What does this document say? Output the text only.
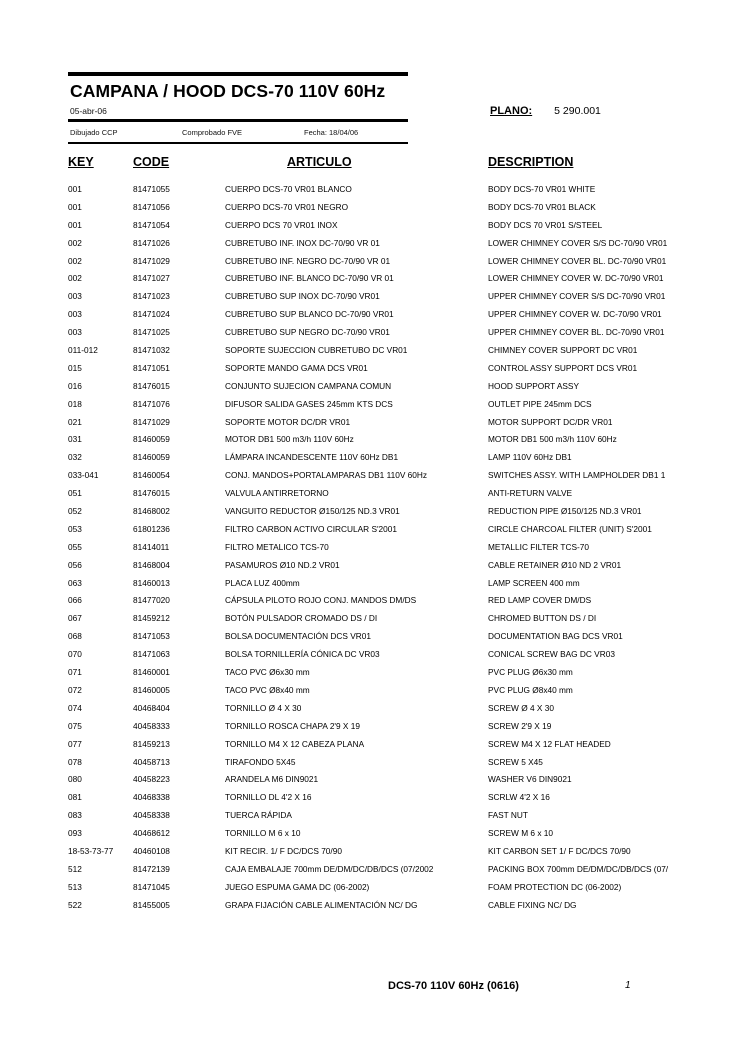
CAMPANA / HOOD DCS-70 110V 60Hz
05-abr-06
Dibujado CCP	Comprobado FVE	Fecha: 18/04/06
PLANO: 5 290.001
KEY	CODE	ARTICULO	DESCRIPTION
001	81471055	CUERPO DCS-70 VR01 BLANCO	BODY DCS-70 VR01 WHITE
001	81471056	CUERPO DCS-70 VR01 NEGRO	BODY DCS-70 VR01 BLACK
001	81471054	CUERPO DCS 70 VR01 INOX	BODY DCS 70 VR01 S/STEEL
002	81471026	CUBRETUBO INF. INOX DC-70/90 VR 01	LOWER CHIMNEY COVER S/S DC-70/90 VR01
002	81471029	CUBRETUBO INF. NEGRO DC-70/90 VR 01	LOWER CHIMNEY COVER BL. DC-70/90 VR01
002	81471027	CUBRETUBO INF. BLANCO DC-70/90 VR 01	LOWER CHIMNEY COVER W. DC-70/90 VR01
003	81471023	CUBRETUBO SUP INOX DC-70/90 VR01	UPPER CHIMNEY COVER S/S DC-70/90 VR01
003	81471024	CUBRETUBO SUP BLANCO DC-70/90 VR01	UPPER CHIMNEY COVER W. DC-70/90 VR01
003	81471025	CUBRETUBO SUP NEGRO DC-70/90 VR01	UPPER CHIMNEY COVER BL. DC-70/90 VR01
011-012	81471032	SOPORTE SUJECCION CUBRETUBO DC VR01	CHIMNEY COVER SUPPORT DC VR01
015	81471051	SOPORTE MANDO GAMA DCS VR01	CONTROL ASSY SUPPORT DCS VR01
016	81476015	CONJUNTO SUJECION CAMPANA COMUN	HOOD SUPPORT ASSY
018	81471076	DIFUSOR SALIDA GASES 245mm KTS DCS	OUTLET PIPE 245mm DCS
021	81471029	SOPORTE MOTOR DC/DR VR01	MOTOR SUPPORT DC/DR VR01
031	81460059	MOTOR DB1 500 m3/h 110V 60Hz	MOTOR DB1 500 m3/h 110V 60Hz
032	81460059	LÁMPARA INCANDESCENTE 110V 60Hz DB1	LAMP 110V 60Hz DB1
033-041	81460054	CONJ. MANDOS+PORTALAMPARAS DB1 110V 60Hz	SWITCHES ASSY. WITH LAMPHOLDER DB1 1
051	81476015	VALVULA ANTIRRETORNO	ANTI-RETURN VALVE
052	81468002	VANGUITO REDUCTOR Ø150/125 ND.3 VR01	REDUCTION PIPE Ø150/125 ND.3 VR01
053	61801236	FILTRO CARBON ACTIVO CIRCULAR S'2001	CIRCLE CHARCOAL FILTER (UNIT) S'2001
055	81414011	FILTRO METALICO TCS-70	METALLIC FILTER TCS-70
056	81468004	PASAMUROS Ø10 ND.2 VR01	CABLE RETAINER Ø10 ND 2 VR01
063	81460013	PLACA LUZ 400mm	LAMP SCREEN 400 mm
066	81477020	CÁPSULA PILOTO ROJO CONJ. MANDOS DM/DS	RED LAMP COVER DM/DS
067	81459212	BOTÓN PULSADOR CROMADO DS / DI	CHROMED BUTTON DS / DI
068	81471053	BOLSA DOCUMENTACIÓN DCS VR01	DOCUMENTATION BAG DCS VR01
070	81471063	BOLSA TORNILLERÍA CÓNICA DC VR03	CONICAL SCREW BAG DC VR03
071	81460001	TACO PVC Ø6x30 mm	PVC PLUG Ø6x30 mm
072	81460005	TACO PVC Ø8x40 mm	PVC PLUG Ø8x40 mm
074	40468404	TORNILLO Ø 4 X 30	SCREW Ø 4 X 30
075	40458333	TORNILLO ROSCA CHAPA 2'9 X 19	SCREW 2'9 X 19
077	81459213	TORNILLO M4 X 12 CABEZA PLANA	SCREW M4 X 12 FLAT HEADED
078	40458713	TIRAFONDO 5X45	SCREW 5 X45
080	40458223	ARANDELA M6 DIN9021	WASHER V6 DIN9021
081	40468338	TORNILLO DL 4'2 X 16	SCRLW 4'2 X 16
083	40458338	TUERCA RÁPIDA	FAST NUT
093	40468612	TORNILLO M 6 x 10	SCREW M 6 x 10
18-53-73-77	40460108	KIT RECIR. 1/ F DC/DCS 70/90	KIT CARBON SET 1/ F DC/DCS 70/90
512	81472139	CAJA EMBALAJE 700mm DE/DM/DC/DB/DCS (07/2002	PACKING BOX 700mm DE/DM/DC/DB/DCS (07/
513	81471045	JUEGO ESPUMA GAMA DC (06-2002)	FOAM PROTECTION DC (06-2002)
522	81455005	GRAPA FIJACIÓN CABLE ALIMENTACIÓN NC/ DG	CABLE FIXING NC/ DG
DCS-70 110V 60Hz (0616)	1
